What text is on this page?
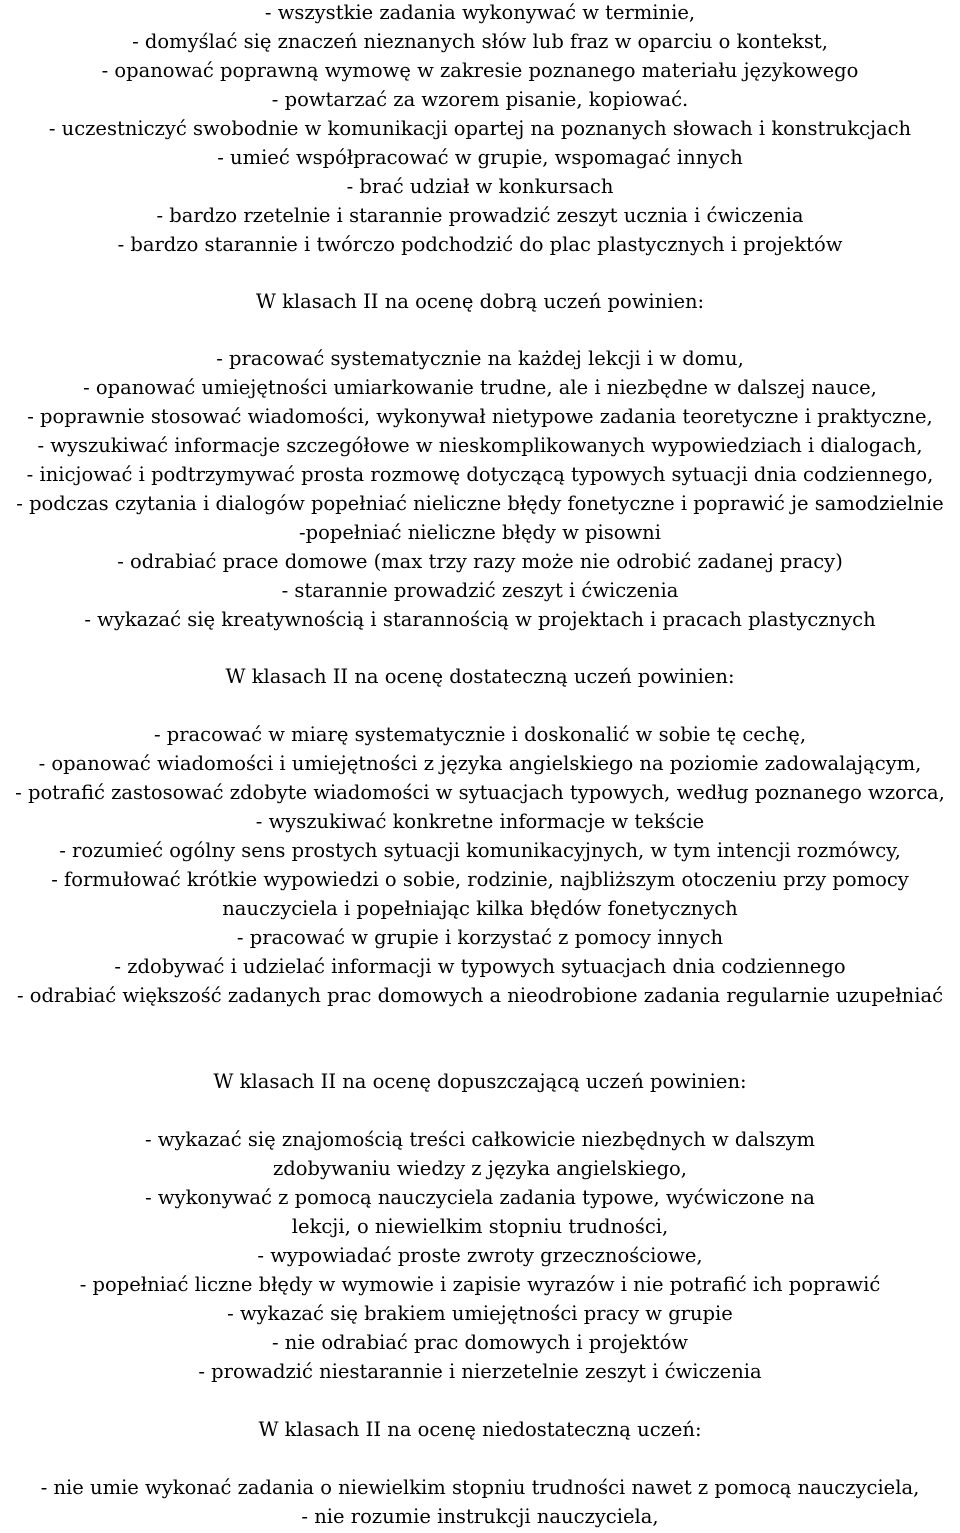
- wszystkie zadania wykonywać w terminie,
- domyślać się znaczeń nieznanych słów lub fraz w oparciu o kontekst,
- opanować poprawną wymowę w zakresie poznanego materiału językowego
- powtarzać za wzorem pisanie, kopiować.
- uczestniczyć swobodnie w komunikacji opartej na poznanych słowach i konstrukcjach
- umieć współpracować w grupie, wspomagać innych
- brać udział w konkursach
- bardzo rzetelnie i starannie prowadzić zeszyt ucznia i ćwiczenia
- bardzo starannie i twórczo podchodzić do plac plastycznych i projektów
W klasach II na ocenę dobrą uczeń powinien:
- pracować systematycznie na każdej lekcji i w domu,
- opanować umiejętności umiarkowanie trudne, ale i niezbędne w dalszej nauce,
- poprawnie stosować wiadomości, wykonywał nietypowe zadania teoretyczne i praktyczne,
- wyszukiwać informacje szczegółowe w nieskomplikowanych wypowiedziach i dialogach,
- inicjować i podtrzymywać prosta rozmowę dotyczącą typowych sytuacji dnia codziennego,
- podczas czytania i dialogów popełniać nieliczne błędy fonetyczne i poprawić je samodzielnie
-popełniać nieliczne błędy w pisowni
- odrabiać prace domowe (max trzy razy może nie odrobić zadanej pracy)
- starannie prowadzić zeszyt i ćwiczenia
- wykazać się kreatywnością i starannością w projektach i pracach plastycznych
W klasach II na ocenę dostateczną uczeń powinien:
- pracować w miarę systematycznie i doskonalić w sobie tę cechę,
- opanować wiadomości i umiejętności z języka angielskiego na poziomie zadowalającym,
- potrafić zastosować zdobyte wiadomości w sytuacjach typowych, według poznanego wzorca,
- wyszukiwać konkretne informacje w tekście
- rozumieć ogólny sens prostych sytuacji komunikacyjnych, w tym intencji rozmówcy,
- formułować krótkie wypowiedzi o sobie, rodzinie, najbliższym otoczeniu przy pomocy
nauczyciela i popełniając kilka błędów fonetycznych
- pracować w grupie i korzystać z pomocy innych
- zdobywać i udzielać informacji w typowych sytuacjach dnia codziennego
- odrabiać większość zadanych prac domowych a nieodrobione zadania regularnie uzupełniać
W klasach II na ocenę dopuszczającą uczeń powinien:
- wykazać się znajomością treści całkowicie niezbędnych w dalszym
zdobywaniu wiedzy z języka angielskiego,
- wykonywać z pomocą nauczyciela zadania typowe, wyćwiczone na
lekcji, o niewielkim stopniu trudności,
- wypowiadać proste zwroty grzecznościowe,
- popełniać liczne błędy w wymowie i zapisie wyrazów i nie potrafić ich poprawić
- wykazać się brakiem umiejętności pracy w grupie
- nie odrabiać prac domowych i projektów
- prowadzić niestarannie i nierzetelnie zeszyt i ćwiczenia
W klasach II na ocenę niedostateczną uczeń:
- nie umie wykonać zadania o niewielkim stopniu trudności nawet z pomocą nauczyciela,
- nie rozumie instrukcji nauczyciela,
